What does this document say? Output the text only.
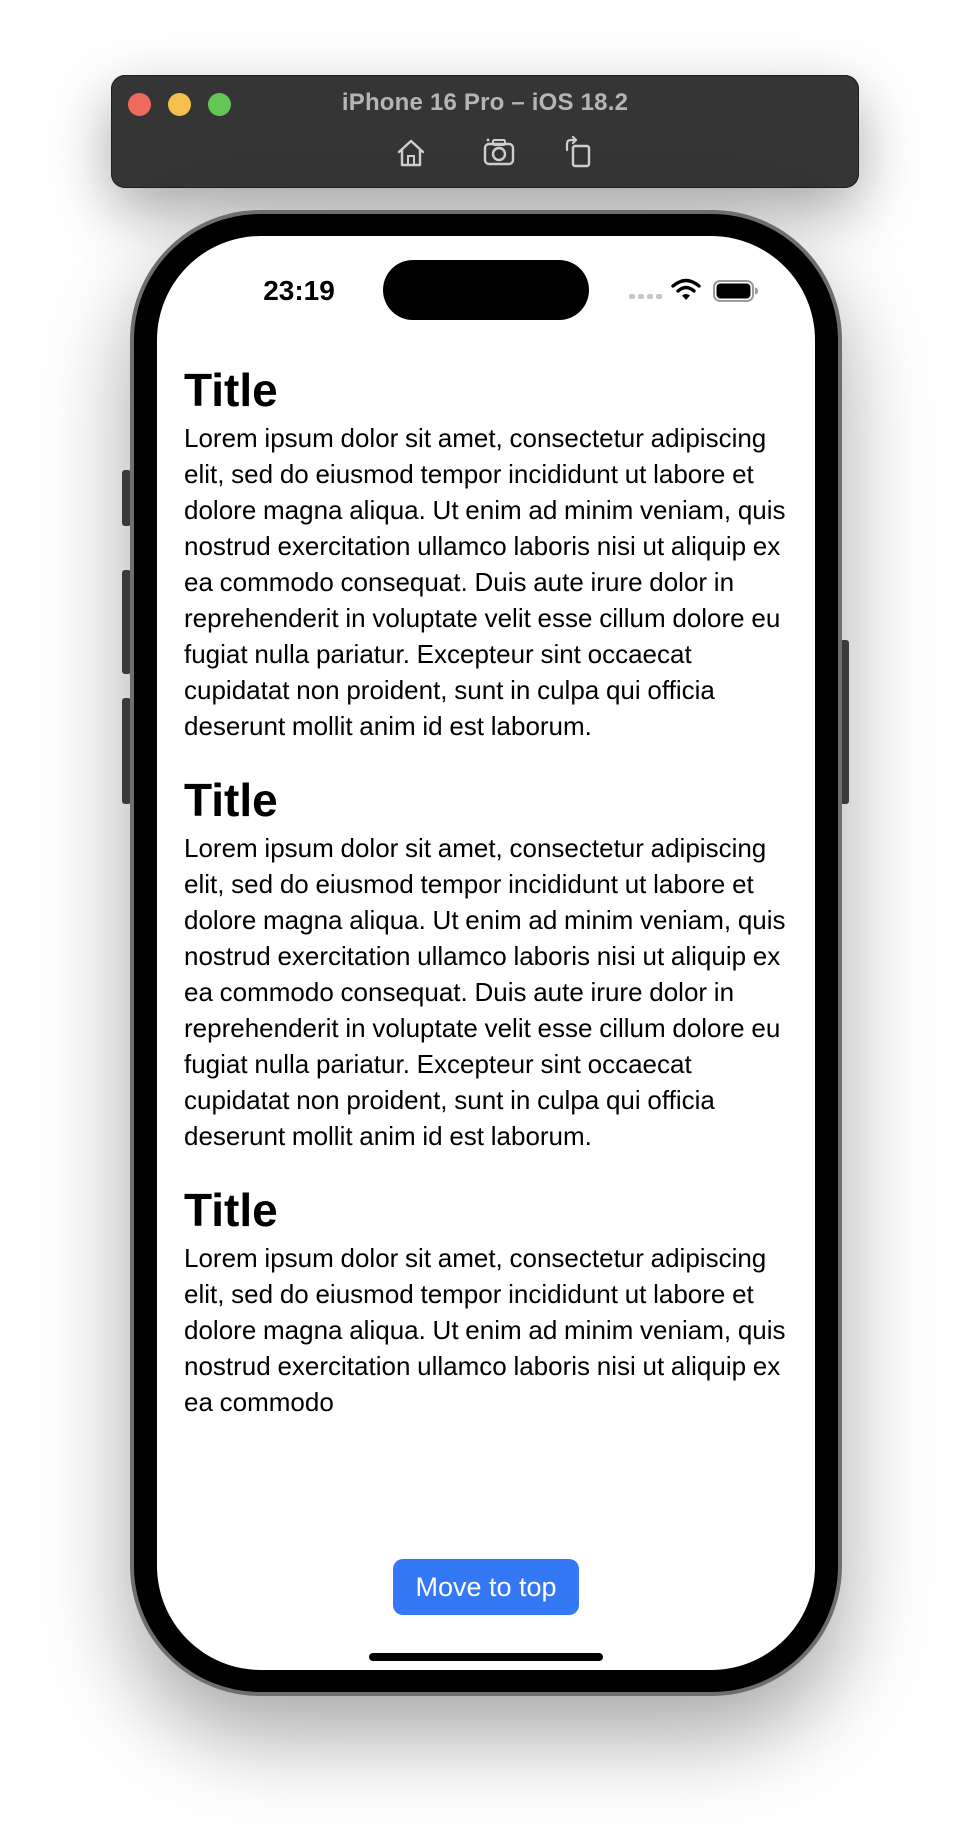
iPhone 16 Pro – iOS 18.2
23:19
Title

Lorem ipsum dolor sit amet, consectetur adipiscing elit, sed do eiusmod tempor incididunt ut labore et dolore magna aliqua. Ut enim ad minim veniam, quis nostrud exercitation ullamco laboris nisi ut aliquip ex ea commodo consequat. Duis aute irure dolor in reprehenderit in voluptate velit esse cillum dolore eu fugiat nulla pariatur. Excepteur sint occaecat cupidatat non proident, sunt in culpa qui officia deserunt mollit anim id est laborum.

Title

Lorem ipsum dolor sit amet, consectetur adipiscing elit, sed do eiusmod tempor incididunt ut labore et dolore magna aliqua. Ut enim ad minim veniam, quis nostrud exercitation ullamco laboris nisi ut aliquip ex ea commodo consequat. Duis aute irure dolor in reprehenderit in voluptate velit esse cillum dolore eu fugiat nulla pariatur. Excepteur sint occaecat cupidatat non proident, sunt in culpa qui officia deserunt mollit anim id est laborum.

Title

Lorem ipsum dolor sit amet, consectetur adipiscing elit, sed do eiusmod tempor incididunt ut labore et dolore magna aliqua. Ut enim ad minim veniam, quis nostrud exercitation ullamco laboris nisi ut aliquip ex ea commodo

Move to top
